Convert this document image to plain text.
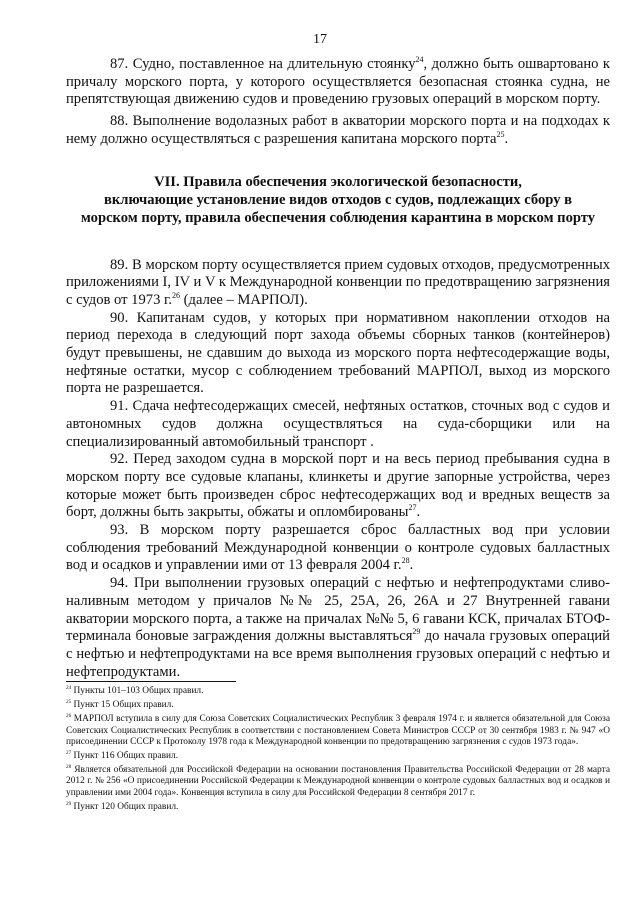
17

87. Судно, поставленное на длительную стоянку$^{24}$, должно быть ошвартовано к причалу морского порта, у которого осуществляется безопасная стоянка судна, не препятствующая движению судов и проведению грузовых операций в морском порту.

88. Выполнение водолазных работ в акватории морского порта и на подходах к нему должно осуществляться с разрешения капитана морского порта$^{25}$.

VII. Правила обеспечения экологической безопасности,
включающие установление видов отходов с судов, подлежащих сбору в
морском порту, правила обеспечения соблюдения карантина в морском порту

89. В морском порту осуществляется прием судовых отходов, предусмотренных приложениями I, IV и V к Международной конвенции по предотвращению загрязнения с судов от 1973 г.$^{26}$ (далее – МАРПОЛ).

90. Капитанам судов, у которых при нормативном накоплении отходов на период перехода в следующий порт захода объемы сборных танков (контейнеров) будут превышены, не сдавшим до выхода из морского порта нефтесодержащие воды, нефтяные остатки, мусор с соблюдением требований МАРПОЛ, выход из морского порта не разрешается.

91. Сдача нефтесодержащих смесей, нефтяных остатков, сточных вод с судов и автономных судов должна осуществляться на суда-сборщики или на специализированный автомобильный транспорт .

92. Перед заходом судна в морской порт и на весь период пребывания судна в морском порту все судовые клапаны, клинкеты и другие запорные устройства, через которые может быть произведен сброс нефтесодержащих вод и вредных веществ за борт, должны быть закрыты, обжаты и опломбированы$^{27}$.

93. В морском порту разрешается сброс балластных вод при условии соблюдения требований Международной конвенции о контроле судовых балластных вод и осадков и управлении ими от 13 февраля 2004 г.$^{28}$.

94. При выполнении грузовых операций с нефтью и нефтепродуктами сливо-наливным методом у причалов №№ 25, 25А, 26, 26А и 27 Внутренней гавани акватории морского порта, а также на причалах №№ 5, 6 гавани КСК, причалах БТОФ-терминала боновые заграждения должны выставляться$^{29}$ до начала грузовых операций с нефтью и нефтепродуктами на все время выполнения грузовых операций с нефтью и нефтепродуктами.

$^{24}$ Пункты 101–103 Общих правил.
$^{25}$ Пункт 15 Общих правил.
$^{26}$ МАРПОЛ вступила в силу для Союза Советских Социалистических Республик 3 февраля 1974 г. и является обязательной для Союза Советских Социалистических Республик в соответствии с постановлением Совета Министров СССР от 30 сентября 1983 г. № 947 «О присоединении СССР к Протоколу 1978 года к Международной конвенции по предотвращению загрязнения с судов 1973 года».
$^{27}$ Пункт 116 Общих правил.
$^{28}$ Является обязательной для Российской Федерации на основании постановления Правительства Российской Федерации от 28 марта 2012 г. № 256 «О присоединении Российской Федерации к Международной конвенции о контроле судовых балластных вод и осадков и управлении ими 2004 года». Конвенция вступила в силу для Российской Федерации 8 сентября 2017 г.
$^{29}$ Пункт 120 Общих правил.
